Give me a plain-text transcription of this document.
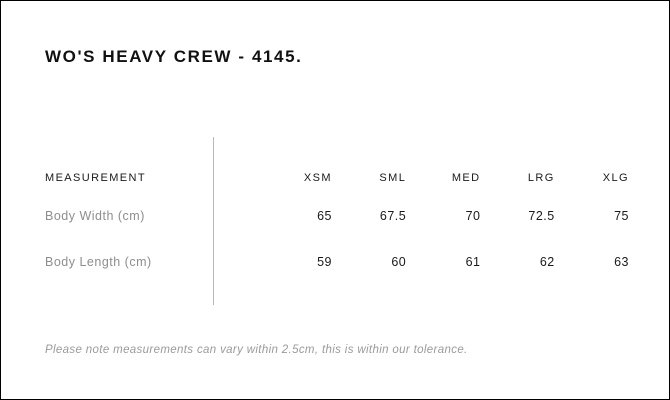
WO'S HEAVY CREW - 4145.
MEASUREMENT	XSM	SML	MED	LRG	XLG
Body Width (cm)	65	67.5	70	72.5	75
Body Length (cm)	59	60	61	62	63
Please note measurements can vary within 2.5cm, this is within our tolerance.
